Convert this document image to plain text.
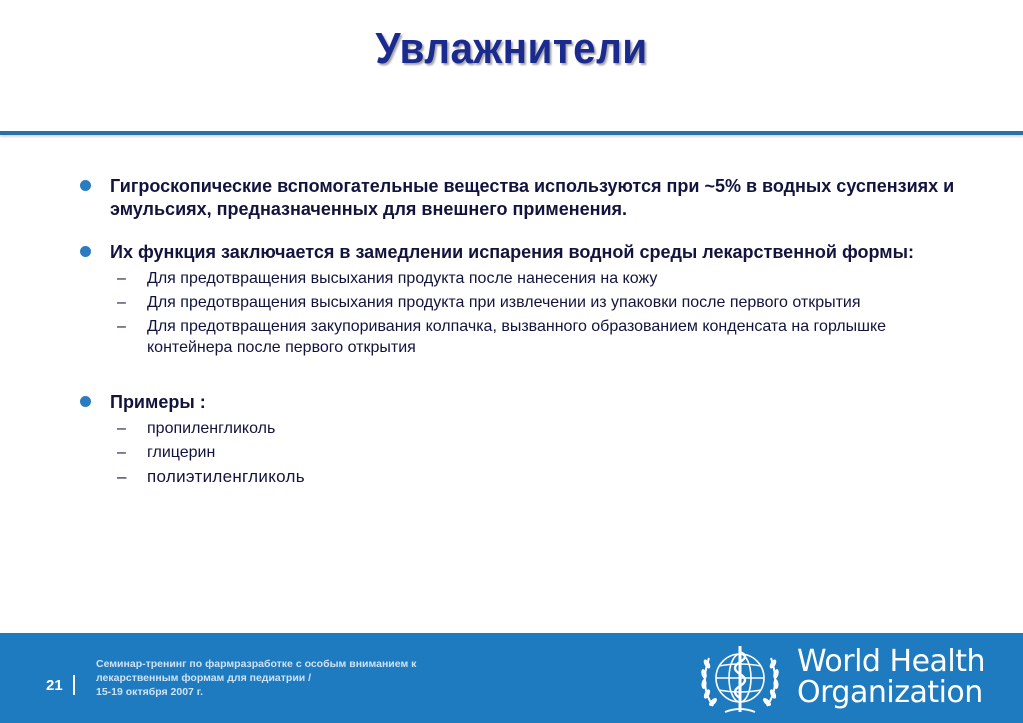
Увлажнители
Гигроскопические вспомогательные вещества используются при ~5% в водных суспензиях и эмульсиях, предназначенных для внешнего применения.
Их функция заключается в замедлении испарения водной среды лекарственной формы:
– Для предотвращения высыхания продукта после нанесения на кожу
– Для предотвращения высыхания продукта при извлечении из упаковки после первого открытия
– Для предотвращения закупоривания колпачка, вызванного образованием конденсата на горлышке контейнера после первого открытия
Примеры :
– пропиленгликоль
– глицерин
– полиэтиленгликоль
21
Семинар-тренинг по фармразработке с особым вниманием к
лекарственным формам для педиатрии /
15-19 октября 2007 г.
World Health
Organization
